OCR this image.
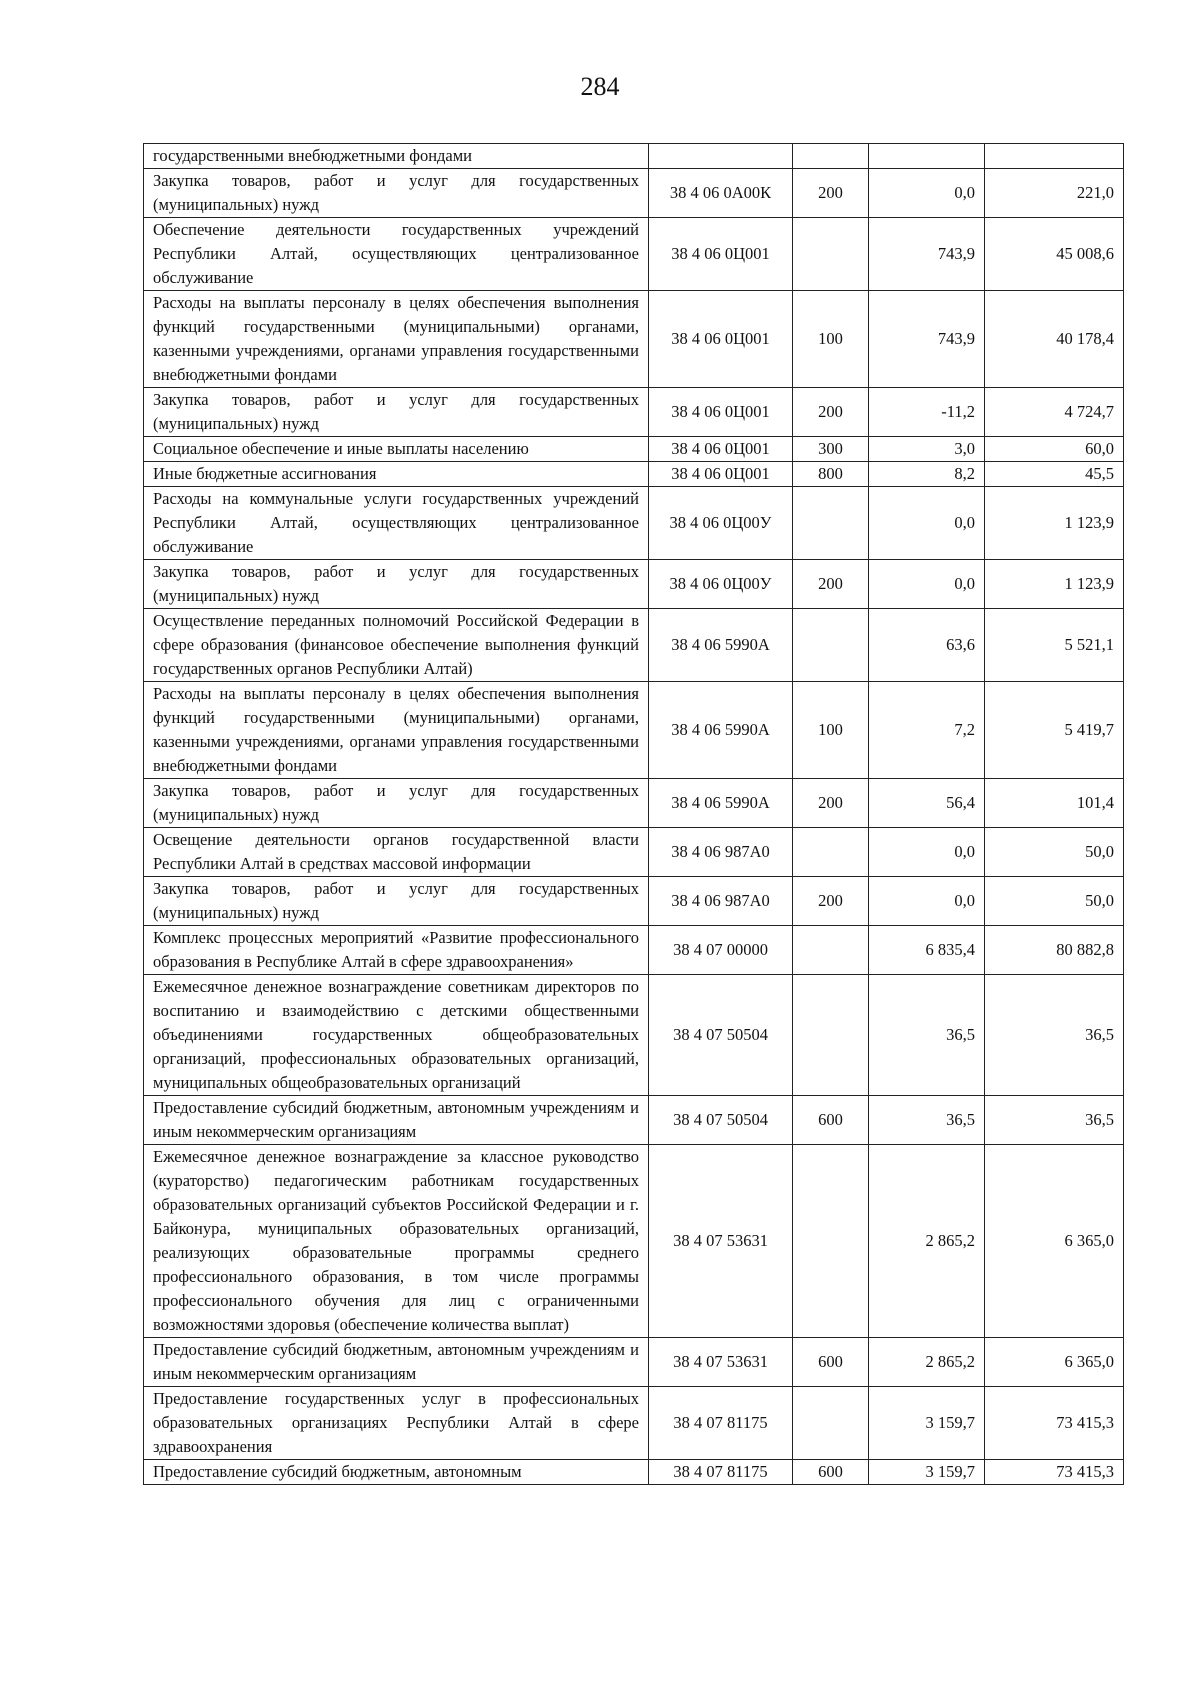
284
государственными внебюджетными фондами				
Закупка товаров, работ и услуг для государственных (муниципальных) нужд	38 4 06 0А00К	200	0,0	221,0
Обеспечение деятельности государственных учреждений Республики Алтай, осуществляющих централизованное обслуживание	38 4 06 0Ц001		743,9	45 008,6
Расходы на выплаты персоналу в целях обеспечения выполнения функций государственными (муниципальными) органами, казенными учреждениями, органами управления государственными внебюджетными фондами	38 4 06 0Ц001	100	743,9	40 178,4
Закупка товаров, работ и услуг для государственных (муниципальных) нужд	38 4 06 0Ц001	200	-11,2	4 724,7
Социальное обеспечение и иные выплаты населению	38 4 06 0Ц001	300	3,0	60,0
Иные бюджетные ассигнования	38 4 06 0Ц001	800	8,2	45,5
Расходы на коммунальные услуги государственных учреждений Республики Алтай, осуществляющих централизованное обслуживание	38 4 06 0Ц00У		0,0	1 123,9
Закупка товаров, работ и услуг для государственных (муниципальных) нужд	38 4 06 0Ц00У	200	0,0	1 123,9
Осуществление переданных полномочий Российской Федерации в сфере образования (финансовое обеспечение выполнения функций государственных органов Республики Алтай)	38 4 06 5990А		63,6	5 521,1
Расходы на выплаты персоналу в целях обеспечения выполнения функций государственными (муниципальными) органами, казенными учреждениями, органами управления государственными внебюджетными фондами	38 4 06 5990А	100	7,2	5 419,7
Закупка товаров, работ и услуг для государственных (муниципальных) нужд	38 4 06 5990А	200	56,4	101,4
Освещение деятельности органов государственной власти Республики Алтай в средствах массовой информации	38 4 06 987А0		0,0	50,0
Закупка товаров, работ и услуг для государственных (муниципальных) нужд	38 4 06 987А0	200	0,0	50,0
Комплекс процессных мероприятий «Развитие профессионального образования в Республике Алтай в сфере здравоохранения»	38 4 07 00000		6 835,4	80 882,8
Ежемесячное денежное вознаграждение советникам директоров по воспитанию и взаимодействию с детскими общественными объединениями государственных общеобразовательных организаций, профессиональных образовательных организаций, муниципальных общеобразовательных организаций	38 4 07 50504		36,5	36,5
Предоставление субсидий бюджетным, автономным учреждениям и иным некоммерческим организациям	38 4 07 50504	600	36,5	36,5
Ежемесячное денежное вознаграждение за классное руководство (кураторство) педагогическим работникам государственных образовательных организаций субъектов Российской Федерации и г. Байконура, муниципальных образовательных организаций, реализующих образовательные программы среднего профессионального образования, в том числе программы профессионального обучения для лиц с ограниченными возможностями здоровья (обеспечение количества выплат)	38 4 07 53631		2 865,2	6 365,0
Предоставление субсидий бюджетным, автономным учреждениям и иным некоммерческим организациям	38 4 07 53631	600	2 865,2	6 365,0
Предоставление государственных услуг в профессиональных образовательных организациях Республики Алтай в сфере здравоохранения	38 4 07 81175		3 159,7	73 415,3
Предоставление субсидий бюджетным, автономным	38 4 07 81175	600	3 159,7	73 415,3
